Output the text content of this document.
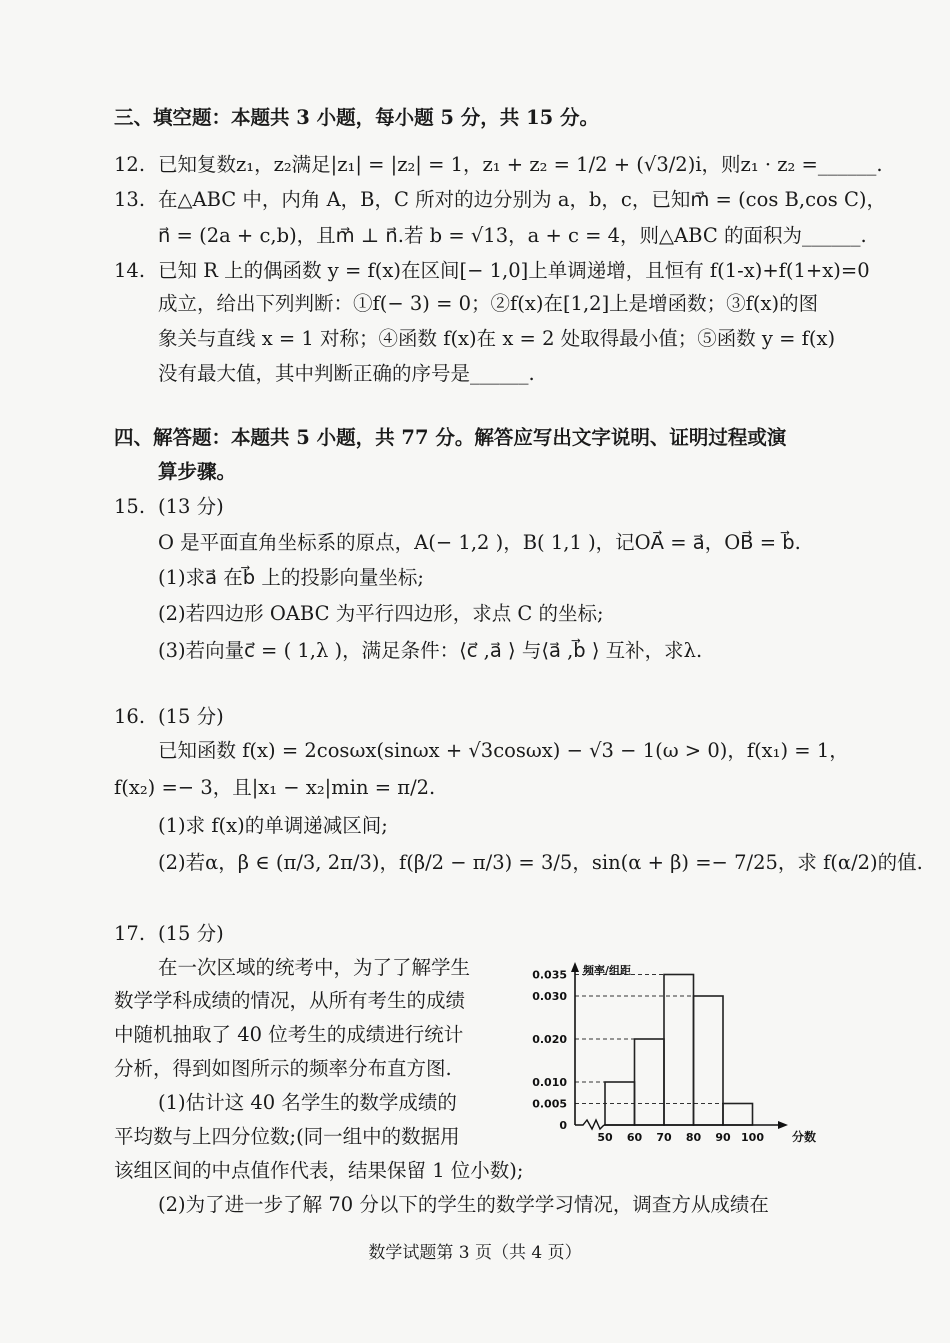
三、填空题：本题共 3 小题，每小题 5 分，共 15 分。
12. 已知复数z₁，z₂满足|z₁| = |z₂| = 1，z₁ + z₂ = 1/2 + (√3/2)i，则z₁ · z₂ =______.
13. 在△ABC 中，内角 A，B，C 所对的边分别为 a，b，c，已知m⃗ = (cos B,cos C)，
n⃗ = (2a + c,b)，且m⃗ ⊥ n⃗.若 b = √13，a + c = 4，则△ABC 的面积为______.
14. 已知 R 上的偶函数 y = f(x)在区间[− 1,0]上单调递增，且恒有 f(1-x)+f(1+x)=0
成立，给出下列判断：①f(− 3) = 0；②f(x)在[1,2]上是增函数；③f(x)的图
象关与直线 x = 1 对称；④函数 f(x)在 x = 2 处取得最小值；⑤函数 y = f(x)
没有最大值，其中判断正确的序号是______.
四、解答题：本题共 5 小题，共 77 分。解答应写出文字说明、证明过程或演
算步骤。
15. (13 分)
O 是平面直角坐标系的原点，A(− 1,2 )，B( 1,1 )，记OA⃗ = a⃗，OB⃗ = b⃗.
(1)求a⃗ 在b⃗ 上的投影向量坐标;
(2)若四边形 OABC 为平行四边形，求点 C 的坐标;
(3)若向量c⃗ = ( 1,λ )，满足条件：⟨c⃗ ,a⃗ ⟩ 与⟨a⃗ ,b⃗ ⟩ 互补，求λ.
16. (15 分)
已知函数 f(x) = 2cosωx(sinωx + √3cosωx) − √3 − 1(ω > 0)，f(x₁) = 1，
f(x₂) =− 3，且|x₁ − x₂|min = π/2.
(1)求 f(x)的单调递减区间;
(2)若α，β ∈ (π/3, 2π/3)，f(β/2 − π/3) = 3/5，sin(α + β) =− 7/25，求 f(α/2)的值.
17. (15 分)
在一次区域的统考中，为了了解学生
数学学科成绩的情况，从所有考生的成绩
中随机抽取了 40 位考生的成绩进行统计
分析，得到如图所示的频率分布直方图.
(1)估计这 40 名学生的数学成绩的
平均数与上四分位数;(同一组中的数据用
该组区间的中点值作代表，结果保留 1 位小数);
(2)为了进一步了解 70 分以下的学生的数学学习情况，调查方从成绩在
0.035
0.030
0.020
0.010
0.005
0
50 60 70 80 90 100
频率/组距
分数
数学试题第 3 页（共 4 页）
